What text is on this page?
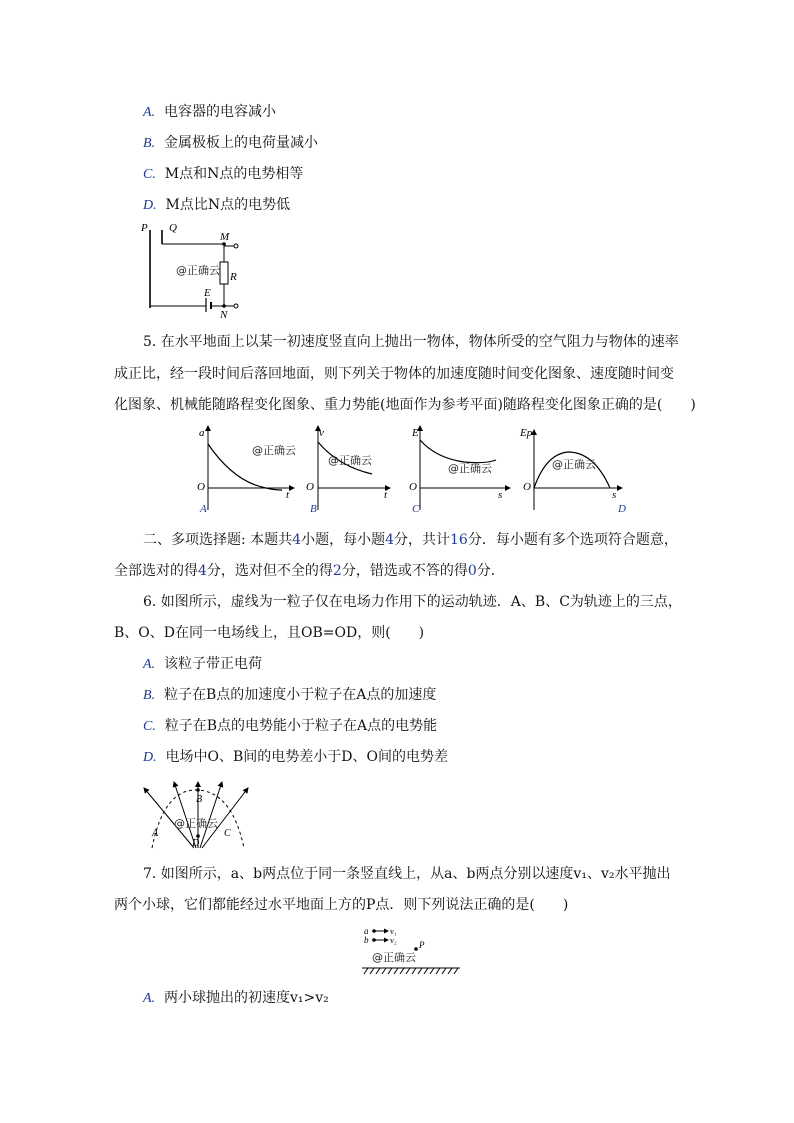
A. 电容器的电容减小
B. 金属极板上的电荷量减小
C. M点和N点的电势相等
D. M点比N点的电势低
P Q
M
R
E
N
@正确云
5. 在水平地面上以某一初速度竖直向上抛出一物体，物体所受的空气阻力与物体的速率
成正比，经一段时间后落回地面，则下列关于物体的加速度随时间变化图象、速度随时间变
化图象、机械能随路程变化图象、重力势能(地面作为参考平面)随路程变化图象正确的是(　　)
a
O
t
A
@正确云
v
O
t
B
@正确云
E
O
s
C
@正确云
Ep
O
s
D
@正确云
二、多项选择题: 本题共4小题，每小题4分，共计16分．每小题有多个选项符合题意，
全部选对的得4分，选对但不全的得2分，错选或不答的得0分．
6. 如图所示，虚线为一粒子仅在电场力作用下的运动轨迹．A、B、C为轨迹上的三点，
B、O、D在同一电场线上，且OB=OD，则(　　)
A. 该粒子带正电荷
B. 粒子在B点的加速度小于粒子在A点的加速度
C. 粒子在B点的电势能小于粒子在A点的电势能
D. 电场中O、B间的电势差小于D、O间的电势差
B
A	C
D
@正确云
7. 如图所示，a、b两点位于同一条竖直线上，从a、b两点分别以速度v₁、v₂水平抛出
两个小球，它们都能经过水平地面上方的P点．则下列说法正确的是(　　)
a	v₁
b	v₂ P
@正确云
A. 两小球抛出的初速度v₁>v₂
